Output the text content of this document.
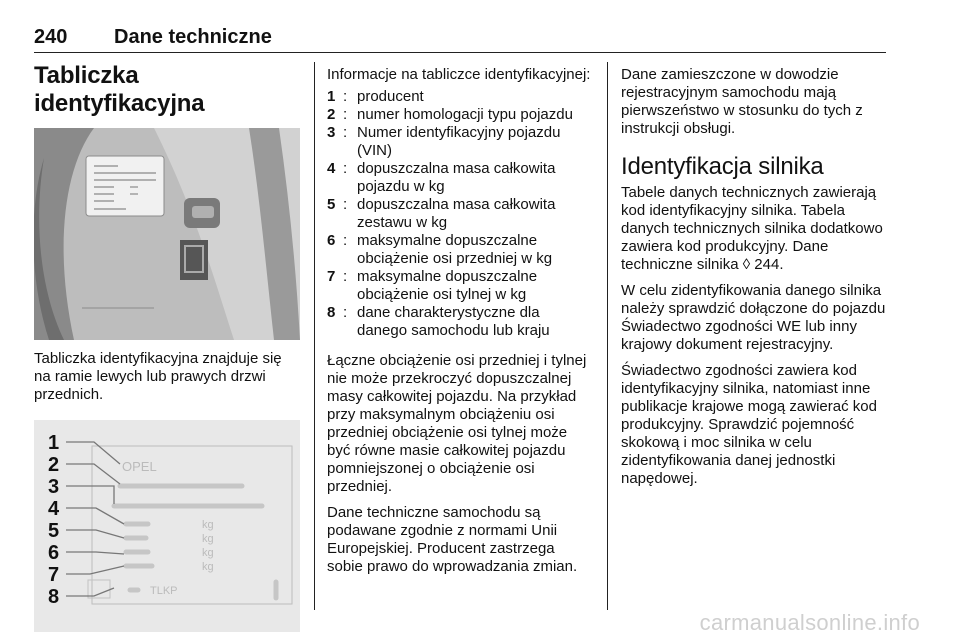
240 Dane techniczne
Tabliczka identyfikacyjna

Tabliczka identyfikacyjna znajduje się na ramie lewych lub prawych drzwi przednich.

OPEL
kg
kg
kg
kg
TLKP
1
2
3
4
5
6
7
8

Informacje na tabliczce identyfikacyjnej:

1 : producent
2 : numer homologacji typu pojazdu
3 : Numer identyfikacyjny pojazdu (VIN)
4 : dopuszczalna masa całkowita pojazdu w kg
5 : dopuszczalna masa całkowita zestawu w kg
6 : maksymalne dopuszczalne obciążenie osi przedniej w kg
7 : maksymalne dopuszczalne obciążenie osi tylnej w kg
8 : dane charakterystyczne dla danego samochodu lub kraju

Łączne obciążenie osi przedniej i tylnej nie może przekroczyć dopuszczalnej masy całkowitej pojazdu. Na przykład przy maksymalnym obciążeniu osi przedniej obciążenie osi tylnej może być równe masie całkowitej pojazdu pomniejszonej o obciążenie osi przedniej.

Dane techniczne samochodu są podawane zgodnie z normami Unii Europejskiej. Producent zastrzega sobie prawo do wprowadzania zmian.

Dane zamieszczone w dowodzie rejestracyjnym samochodu mają pierwszeństwo w stosunku do tych z instrukcji obsługi.

Identyfikacja silnika

Tabele danych technicznych zawierają kod identyfikacyjny silnika. Tabela danych technicznych silnika dodatkowo zawiera kod produkcyjny. Dane techniczne silnika ◊ 244.

W celu zidentyfikowania danego silnika należy sprawdzić dołączone do pojazdu Świadectwo zgodności WE lub inny krajowy dokument rejestracyjny.

Świadectwo zgodności zawiera kod identyfikacyjny silnika, natomiast inne publikacje krajowe mogą zawierać kod produkcyjny. Sprawdzić pojemność skokową i moc silnika w celu zidentyfikowania danej jednostki napędowej.

carmanualsonline.info
